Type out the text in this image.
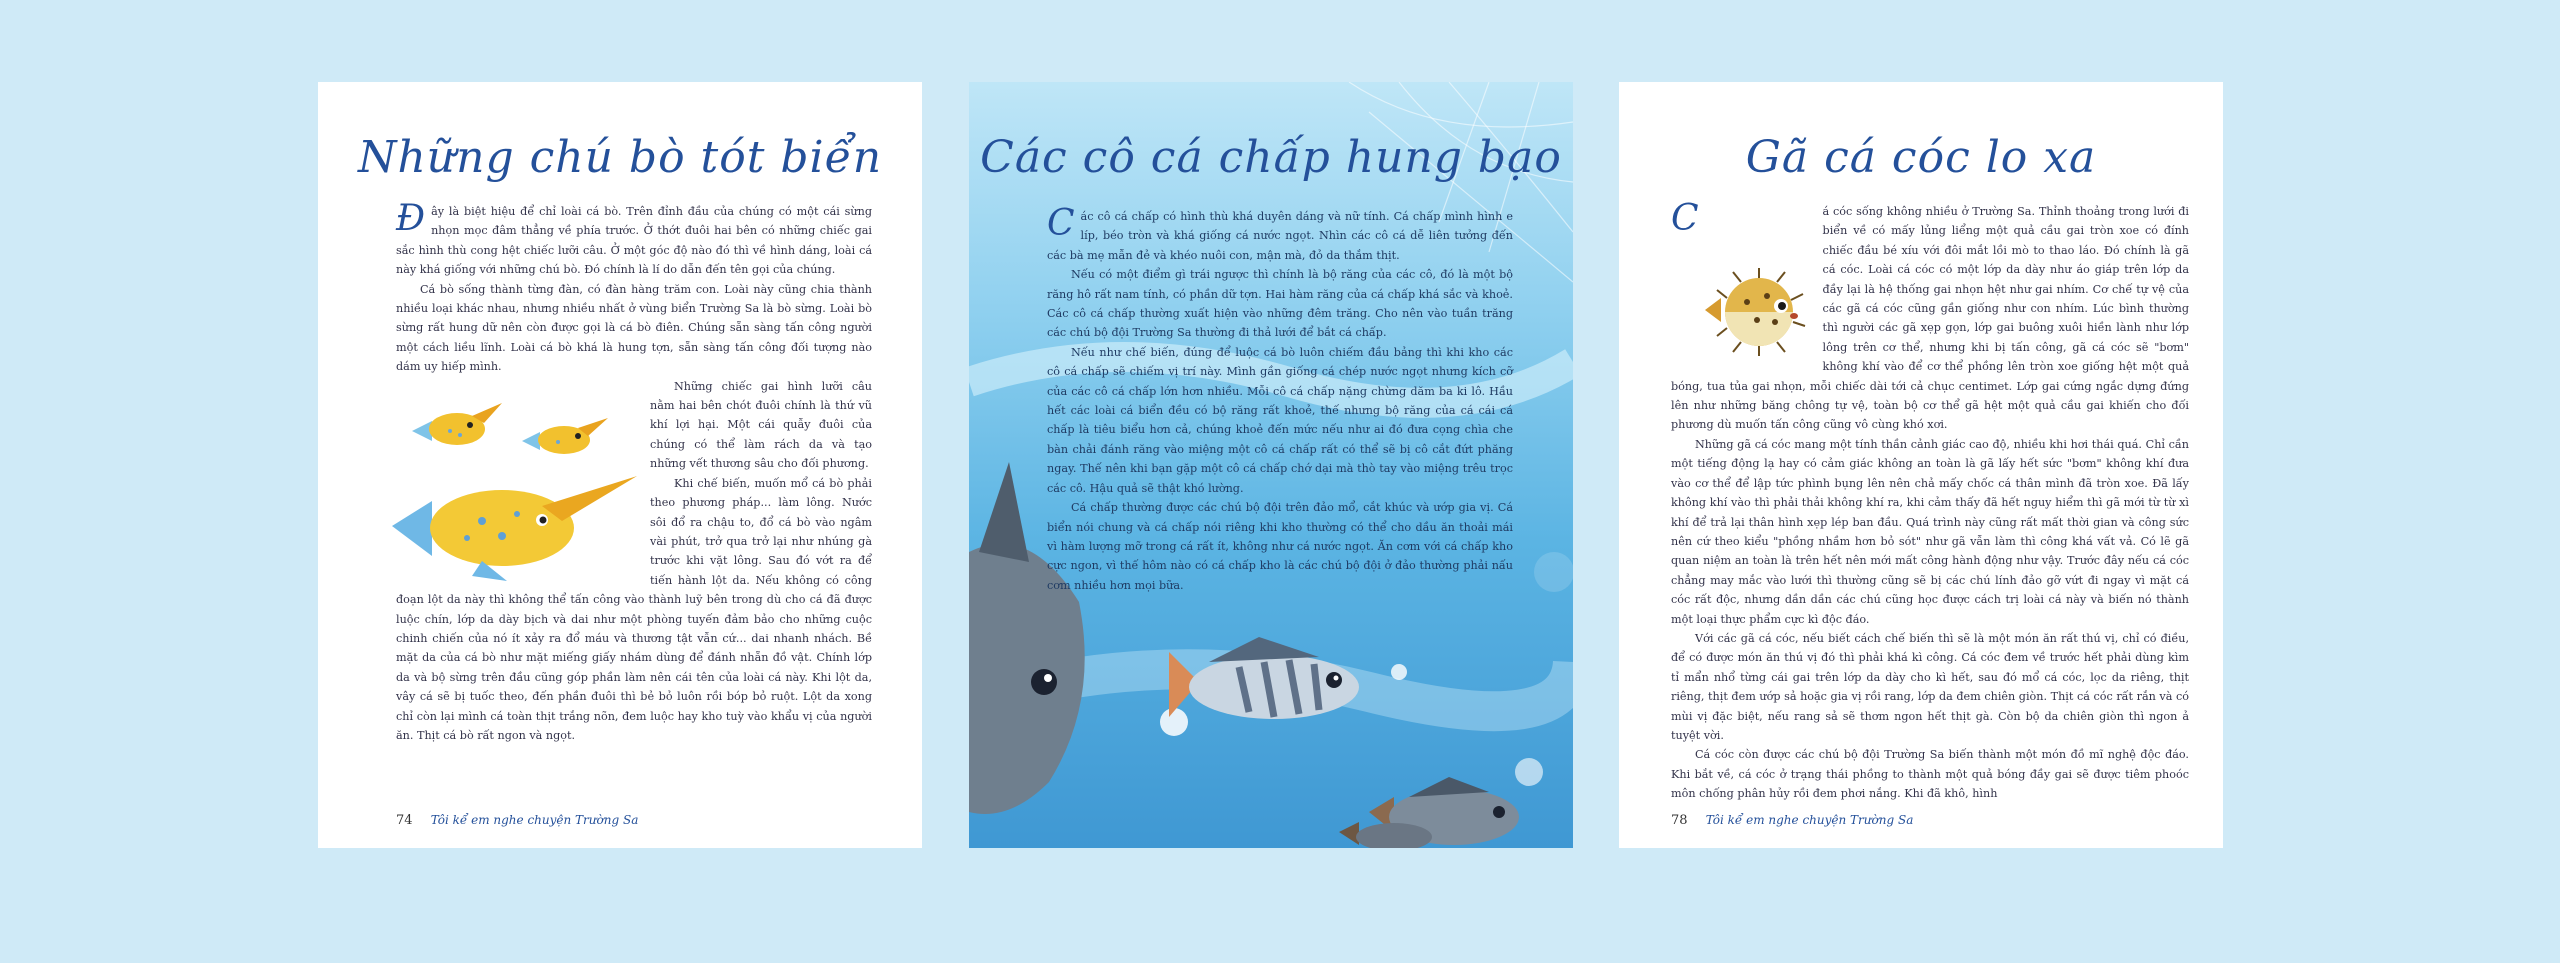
Những chú bò tót biển

Đây là biệt hiệu để chỉ loài cá bò. Trên đỉnh đầu của chúng có một cái sừng nhọn mọc đâm thẳng về phía trước. Ở thớt đuôi hai bên có những chiếc gai sắc hình thù cong hệt chiếc lưỡi câu. Ở một góc độ nào đó thì về hình dáng, loài cá này khá giống với những chú bò. Đó chính là lí do dẫn đến tên gọi của chúng.

Cá bò sống thành từng đàn, có đàn hàng trăm con. Loài này cũng chia thành nhiều loại khác nhau, nhưng nhiều nhất ở vùng biển Trường Sa là bò sừng. Loài bò sừng rất hung dữ nên còn được gọi là cá bò điên. Chúng sẵn sàng tấn công người một cách liều lĩnh. Loài cá bò khá là hung tợn, sẵn sàng tấn công đối tượng nào dám uy hiếp mình.

Những chiếc gai hình lưỡi câu nằm hai bên chót đuôi chính là thứ vũ khí lợi hại. Một cái quẫy đuôi của chúng có thể làm rách da và tạo những vết thương sâu cho đối phương.

Khi chế biến, muốn mổ cá bò phải theo phương pháp... làm lông. Nước sôi đổ ra chậu to, đổ cá bò vào ngâm vài phút, trở qua trở lại như nhúng gà trước khi vặt lông. Sau đó vớt ra để tiến hành lột da. Nếu không có công đoạn lột da này thì không thể tấn công vào thành luỹ bên trong dù cho cá đã được luộc chín, lớp da dày bịch và dai như một phòng tuyến đảm bảo cho những cuộc chinh chiến của nó ít xảy ra đổ máu và thương tật vẫn cứ... dai nhanh nhách. Bề mặt da của cá bò như mặt miếng giấy nhám dùng để đánh nhẵn đồ vật. Chính lớp da và bộ sừng trên đầu cũng góp phần làm nên cái tên của loài cá này. Khi lột da, vây cá sẽ bị tuốc theo, đến phần đuôi thì bẻ bỏ luôn rồi bóp bỏ ruột. Lột da xong chỉ còn lại mình cá toàn thịt trắng nõn, đem luộc hay kho tuỳ vào khẩu vị của người ăn. Thịt cá bò rất ngon và ngọt.

74 Tôi kể em nghe chuyện Trường Sa
Các cô cá chấp hung bạo

Các cô cá chấp có hình thù khá duyên dáng và nữ tính. Cá chấp mình hình e líp, béo tròn và khá giống cá nước ngọt. Nhìn các cô cá dễ liên tưởng đến các bà mẹ mẫn đẻ và khéo nuôi con, mận mà, đỏ da thắm thịt.

Nếu có một điểm gì trái ngược thì chính là bộ răng của các cô, đó là một bộ răng hô rất nam tính, có phần dữ tợn. Hai hàm răng của cá chấp khá sắc và khoẻ. Các cô cá chấp thường xuất hiện vào những đêm trăng. Cho nên vào tuần trăng các chú bộ đội Trường Sa thường đi thả lưới để bắt cá chấp.

Nếu như chế biến, đúng để luộc cá bò luôn chiếm đầu bảng thì khi kho các cô cá chấp sẽ chiếm vị trí này. Mình gần giống cá chép nước ngọt nhưng kích cỡ của các cô cá chấp lớn hơn nhiều. Mỗi cô cá chấp nặng chừng dăm ba ki lô. Hầu hết các loài cá biển đều có bộ răng rất khoẻ, thế nhưng bộ răng của cá cái cá chấp là tiêu biểu hơn cả, chúng khoẻ đến mức nếu như ai đó đưa cọng chìa che bàn chải đánh răng vào miệng một cô cá chấp rất có thể sẽ bị cô cắt đứt phăng ngay. Thế nên khi bạn gặp một cô cá chấp chớ dại mà thò tay vào miệng trêu trọc các cô. Hậu quả sẽ thật khó lường.

Cá chấp thường được các chú bộ đội trên đảo mổ, cắt khúc và ướp gia vị. Cá biển nói chung và cá chấp nói riêng khi kho thường có thể cho dầu ăn thoải mái vì hàm lượng mỡ trong cá rất ít, không như cá nước ngọt. Ăn cơm với cá chấp kho cực ngon, vì thế hôm nào có cá chấp kho là các chú bộ đội ở đảo thường phải nấu cơm nhiều hơn mọi bữa.

Gã cá cóc lo xa

C	á cóc sống không nhiều ở Trường Sa. Thỉnh thoảng trong lưới đi biển về có mấy lủng liểng một quả cầu gai tròn xoe có đính chiếc đầu bé xíu với đôi mắt lồi mò to thao láo. Đó chính là gã cá cóc. Loài cá cóc có một lớp da dày như áo giáp trên lớp da đầy lại là hệ thống gai nhọn hệt như gai nhím. Cơ chế tự vệ của các gã cá cóc cũng gần giống như con nhím. Lúc bình thường thì người các gã xẹp gọn, lớp gai buông xuôi hiền lành như lớp lông trên cơ thể, nhưng khi bị tấn công, gã cá cóc sẽ "bơm" không khí vào để cơ thể phồng lên tròn xoe giống hệt một quả bóng, tua tủa gai nhọn, mỗi chiếc dài tới cả chục centimet. Lớp gai cứng ngắc dựng đứng lên như những băng chông tự vệ, toàn bộ cơ thể gã hệt một quả cầu gai khiến cho đối phương dù muốn tấn công cũng vô cùng khó xơi.

Những gã cá cóc mang một tính thần cảnh giác cao độ, nhiều khi hơi thái quá. Chỉ cần một tiếng động lạ hay có cảm giác không an toàn là gã lấy hết sức "bơm" không khí đưa vào cơ thể để lập tức phình bụng lên nên chả mấy chốc cá thân mình đã tròn xoe. Đã lấy không khí vào thì phải thải không khí ra, khi cảm thấy đã hết nguy hiểm thì gã mới từ từ xì khí để trả lại thân hình xẹp lép ban đầu. Quá trình này cũng rất mất thời gian và công sức nên cứ theo kiểu "phồng nhầm hơn bỏ sót" như gã vẫn làm thì công khá vất vả. Có lẽ gã quan niệm an toàn là trên hết nên mới mất công hành động như vậy. Trước đây nếu cá cóc chẳng may mắc vào lưới thì thường cũng sẽ bị các chú lính đảo gỡ vứt đi ngay vì mặt cá cóc rất độc, nhưng dần dần các chú cũng học được cách trị loài cá này và biến nó thành một loại thực phẩm cực kì độc đáo.

Với các gã cá cóc, nếu biết cách chế biến thì sẽ là một món ăn rất thú vị, chỉ có điều, để có được món ăn thú vị đó thì phải khá kì công. Cá cóc đem về trước hết phải dùng kìm tỉ mẩn nhổ từng cái gai trên lớp da dày cho kì hết, sau đó mổ cá cóc, lọc da riêng, thịt riêng, thịt đem ướp sả hoặc gia vị rồi rang, lớp da đem chiên giòn. Thịt cá cóc rất rắn và có mùi vị đặc biệt, nếu rang sả sẽ thơm ngon hết thịt gà. Còn bộ da chiên giòn thì ngon ả tuyệt vời.

Cá cóc còn được các chú bộ đội Trường Sa biến thành một món đồ mĩ nghệ độc đáo. Khi bắt về, cá cóc ở trạng thái phồng to thành một quả bóng đầy gai sẽ được tiêm phoóc môn chống phân hủy rồi đem phơi nắng. Khi đã khô, hình

78 Tôi kể em nghe chuyện Trường Sa
